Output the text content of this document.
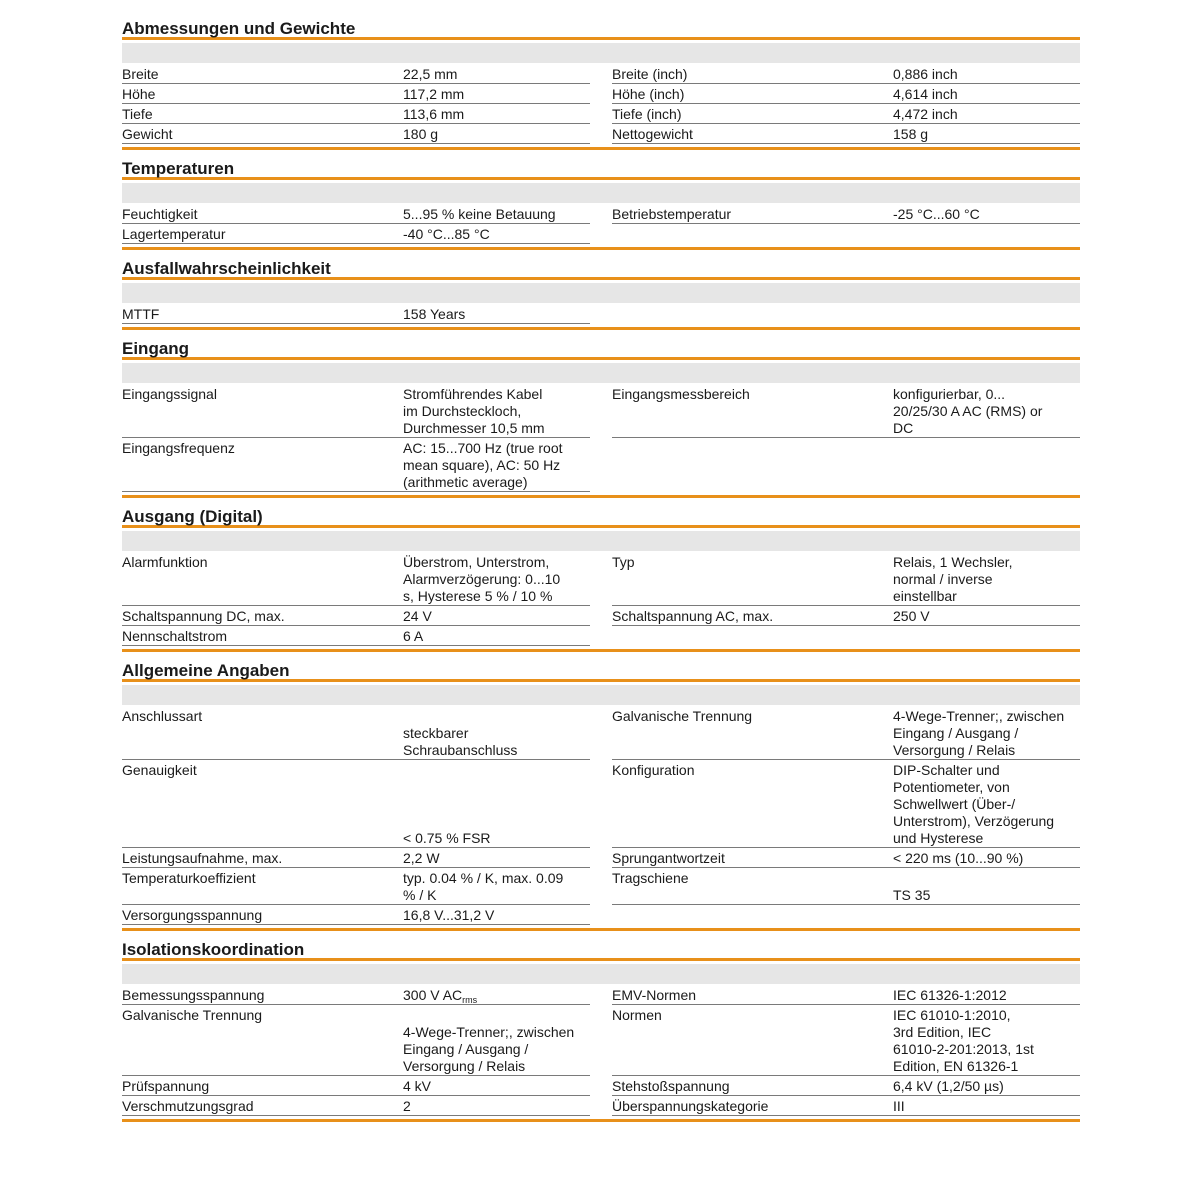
Abmessungen und Gewichte
Breite	22,5 mm
Höhe	117,2 mm
Tiefe	113,6 mm
Gewicht	180 g
Breite (inch)	0,886 inch
Höhe (inch)	4,614 inch
Tiefe (inch)	4,472 inch
Nettogewicht	158 g
Temperaturen
Feuchtigkeit	5...95 % keine Betauung
Lagertemperatur	-40 °C...85 °C
Betriebstemperatur	-25 °C...60 °C
Ausfallwahrscheinlichkeit
MTTF	158 Years
Eingang
Eingangssignal	Stromführendes Kabel
im Durchsteckloch,
Durchmesser 10,5 mm
Eingangsfrequenz	AC: 15...700 Hz (true root
mean square), AC: 50 Hz
(arithmetic average)
Eingangsmessbereich	konfigurierbar, 0...
20/25/30 A AC (RMS) or
DC
Ausgang (Digital)
Alarmfunktion	Überstrom, Unterstrom,
Alarmverzögerung: 0...10
s, Hysterese 5 % / 10 %
Schaltspannung DC, max.	24 V
Nennschaltstrom	6 A
Typ	Relais, 1 Wechsler,
normal / inverse
einstellbar
Schaltspannung AC, max.	250 V
Allgemeine Angaben
Anschlussart

steckbarer
Schraubanschluss
Genauigkeit

< 0.75 % FSR
Leistungsaufnahme, max.	2,2 W
Temperaturkoeffizient	typ. 0.04 % / K, max. 0.09
% / K
Versorgungsspannung	16,8 V...31,2 V
Galvanische Trennung	4-Wege-Trenner;, zwischen
Eingang / Ausgang /
Versorgung / Relais
Konfiguration	DIP-Schalter und
Potentiometer, von
Schwellwert (Über-/
Unterstrom), Verzögerung
und Hysterese
Sprungantwortzeit	< 220 ms (10...90 %)
Tragschiene

TS 35
Isolationskoordination
Bemessungsspannung	300 V $AC_{rms}$
Galvanische Trennung

4-Wege-Trenner;, zwischen
Eingang / Ausgang /
Versorgung / Relais
Prüfspannung	4 kV
Verschmutzungsgrad	2
EMV-Normen	IEC 61326-1:2012
Normen	IEC 61010-1:2010,
3rd Edition, IEC
61010-2-201:2013, 1st
Edition, EN 61326-1
Stehstoßspannung	6,4 kV (1,2/50 µs)
Überspannungskategorie	III
